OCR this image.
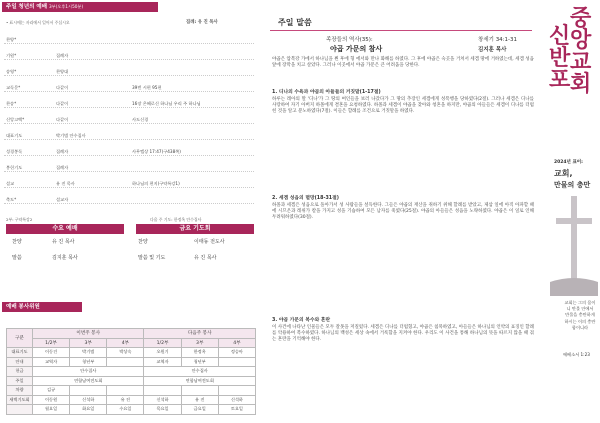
주일 청년의 예배 3부(오후1시50분)
• 표시에는 자리에서 일어서 주십시오	집례: 유 진 목사
찬양*
기원*	집례자
송영*	찬양대
교독문*	다같이	39번 시편 95편
찬송*	다같이	16장 은혜로신 하나님 우리 주 하나님
신앙고백*	다같이	사도신경
대표기도	박기범 안수집사
성경봉독	집례자	사무엘상 17:47(구438쪽)
봉헌기도	집례자
설교	유 진 목사	하나님의 편지(구약특강1)
축도*	설교자
2부: 구약특강2	다음 주 기도: 한정옥 안수집사
수요 예배	금요 기도회
찬양	유 진 목사	찬양	이태동 전도사
말씀	김지훈 목사	말씀 및 기도	유 진 목사
예배 봉사위원
구분	이번주 봉사			다음주 봉사		
	1/2부	3부	4부	1/2부	3부	4부
대표기도	이동건	박기범	박상숙	오원기	한정옥	정승아
안내	교역자	청년부		교역자	청년부	
헌금	안수집사			안수집사		
주일	연합남여전도회			연합남여전도회		
차량	김규					
새벽기도회	이동원	신석하	유 진	신석하	유 진	신석하
	월요일	화요일	수요일	목요일	금요일	토요일
주일 말씀
족장들의 역사(35):	창세기 34:1-31
야곱 가문의 참사	김지훈 목사
야곱은 압복강 가에서 하나님을 뵌 후에 형 에서와 만나 화해를 하였다. 그 후에 야곱은 숙곳을 거쳐서 세겜 땅에 거하였는데, 세겜 성읍 앞에 장막을 치고 살았다. 그러나 이곳에서 야곱 가문은 큰 어려움을 당한다.
1. 디나의 수욕과 야곱의 아들들의 거짓말(1-17절)
하루는 레아의 딸 '디나'가 그 땅의 여인들을 보러 나갔다가 그 땅의 추장인 세겜에게 성폭행을 당하였다(2절). 그러나 세겜은 디나를 사랑하여 자기 아버지 하몰에게 결혼을 요청하였다. 하몰과 세겜이 야곱을 찾아와 청혼을 하지만, 야곱의 아들들은 세겜이 디나를 더럽힌 것을 알고 분노하였다(7절). 이들은 할례를 조건으로 거짓말을 하였다.
2. 세겜 성읍의 멸망(18-31절)
하몰과 세겜은 성읍으로 돌아가서 성 사람들을 설득한다. 그들은 야곱의 재산을 취하기 위해 할례를 받았고, 제삼 일에 아직 아파할 때에 시므온과 레위가 칼을 가지고 성을 기습하여 모든 남자를 죽였다(25절). 야곱의 아들들은 성읍을 노략하였다. 야곱은 이 일로 인해 두려워하였다(30절).
3. 야곱 가문의 복수와 혼란
이 사건에 나타난 인물들은 모두 잘못을 저질렀다. 세겜은 디나를 더럽혔고, 야곱은 침묵하였고, 아들들은 하나님의 언약의 표징인 할례를 악용하여 복수하였다. 하나님의 백성은 세상 속에서 거룩함을 지켜야 한다. 우리도 이 사건을 통해 하나님의 뜻을 따르지 않을 때 겪는 혼란을 기억해야 한다.
신
반
포
중
앙
교
회
2024년 표어:
교회,
만물의 충만
교회는 그의 몸이니 만물 안에서 만물을 충만하게 하시는 이의 충만함이니라
에베소서 1:23
